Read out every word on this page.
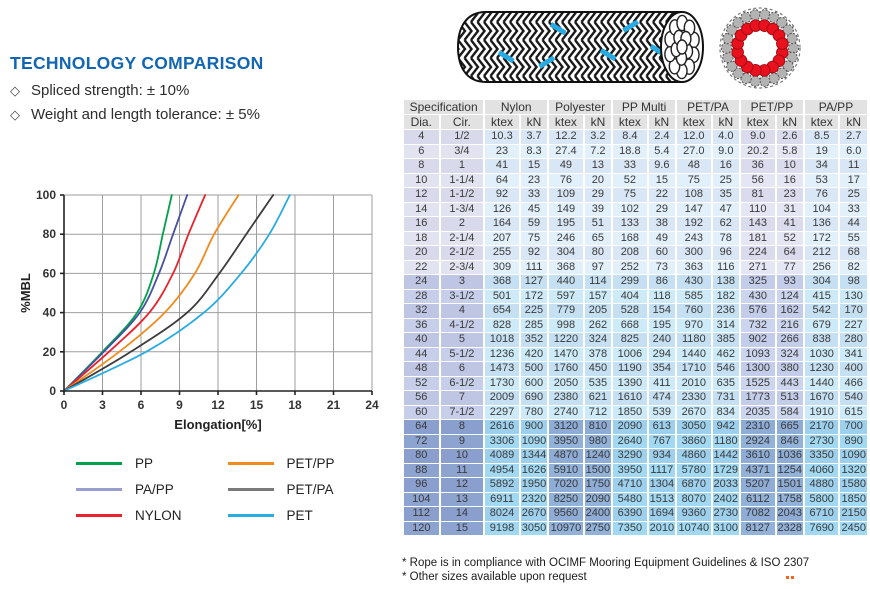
TECHNOLOGY COMPARISON
◇ Spliced strength: ± 10%
◇ Weight and length tolerance: ± 5%
0	3	6	9 12 15 18 21 24
0
20
40
60
80
100
Elongation[%]
%MBL
PP
PA/PP
NYLON
PET/PP
PET/PA
PET
Specification		Nylon		Polyester		PP Multi		PET/PA		PET/PP		PA/PP	
Dia.	Cir.	ktex	kN	ktex	kN	ktex	kN	ktex	kN	ktex	kN	ktex	kN
4	1/2	10.3	3.7	12.2	3.2	8.4	2.4	12.0	4.0	9.0	2.6	8.5	2.7
6	3/4	23	8.3	27.4	7.2	18.8	5.4	27.0	9.0	20.2	5.8	19	6.0
8	1	41	15	49	13	33	9.6	48	16	36	10	34	11
10	1-1/4	64	23	76	20	52	15	75	25	56	16	53	17
12	1-1/2	92	33	109	29	75	22	108	35	81	23	76	25
14	1-3/4	126	45	149	39	102	29	147	47	110	31	104	33
16	2	164	59	195	51	133	38	192	62	143	41	136	44
18	2-1/4	207	75	246	65	168	49	243	78	181	52	172	55
20	2-1/2	255	92	304	80	208	60	300	96	224	64	212	68
22	2-3/4	309	111	368	97	252	73	363	116	271	77	256	82
24	3	368	127	440	114	299	86	430	138	325	93	304	98
28	3-1/2	501	172	597	157	404	118	585	182	430	124	415	130
32	4	654	225	779	205	528	154	760	236	576	162	542	170
36	4-1/2	828	285	998	262	668	195	970	314	732	216	679	227
40	5	1018	352	1220	324	825	240	1180	385	902	266	838	280
44	5-1/2	1236	420	1470	378	1006	294	1440	462	1093	324	1030	341
48	6	1473	500	1760	450	1190	354	1710	546	1300	380	1230	400
52	6-1/2	1730	600	2050	535	1390	411	2010	635	1525	443	1440	466
56	7	2009	690	2380	621	1610	474	2330	731	1773	513	1670	540
60	7-1/2	2297	780	2740	712	1850	539	2670	834	2035	584	1910	615
64	8	2616	900	3120	810	2090	613	3050	942	2310	665	2170	700
72	9	3306	1090	3950	980	2640	767	3860	1180	2924	846	2730	890
80	10	4089	1344	4870	1240	3290	934	4860	1442	3610	1036	3350	1090
88	11	4954	1626	5910	1500	3950	1117	5780	1729	4371	1254	4060	1320
96	12	5892	1950	7020	1750	4710	1304	6870	2033	5207	1501	4880	1580
104	13	6911	2320	8250	2090	5480	1513	8070	2402	6112	1758	5800	1850
112	14	8024	2670	9560	2400	6390	1694	9360	2730	7082	2043	6710	2150
120	15	9198	3050	10970	2750	7350	2010	10740	3100	8127	2328	7690	2450
* Rope is in compliance with OCIMF Mooring Equipment Guidelines & ISO 2307
* Other sizes available upon request
